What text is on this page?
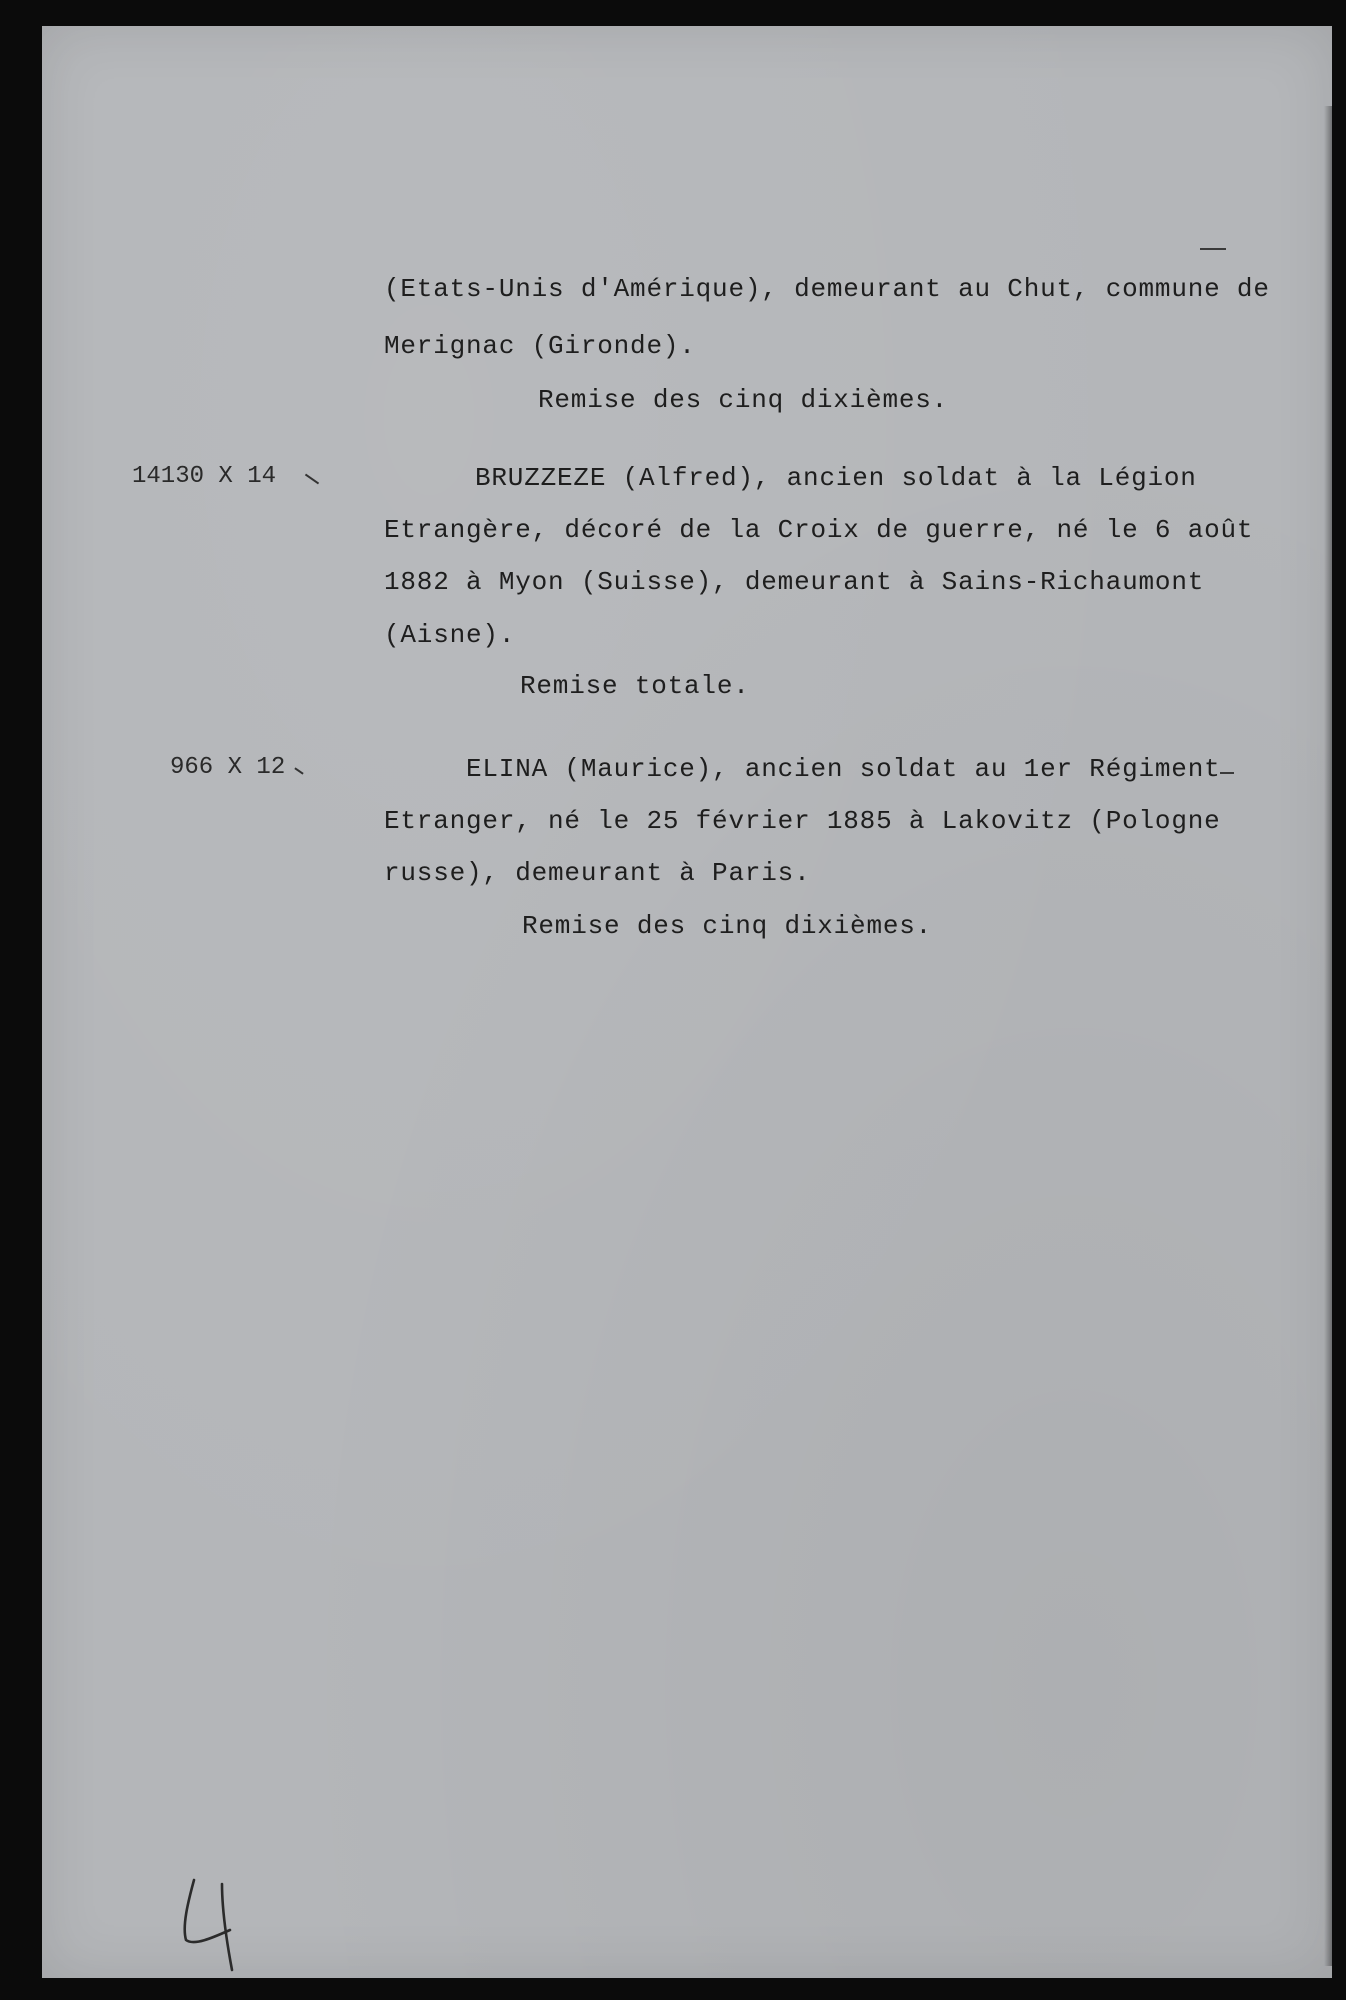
(Etats-Unis d'Amérique), demeurant au Chut, commune de
Merignac (Gironde).
Remise des cinq dixièmes.
14130 X 14	BRUZZEZE (Alfred), ancien soldat à la Légion
Etrangère, décoré de la Croix de guerre, né le 6 août
1882 à Myon (Suisse), demeurant à Sains-Richaumont
(Aisne).
Remise totale.
966 X 12	ELINA (Maurice), ancien soldat au 1er Régiment
Etranger, né le 25 février 1885 à Lakovitz (Pologne
russe), demeurant à Paris.
Remise des cinq dixièmes.
